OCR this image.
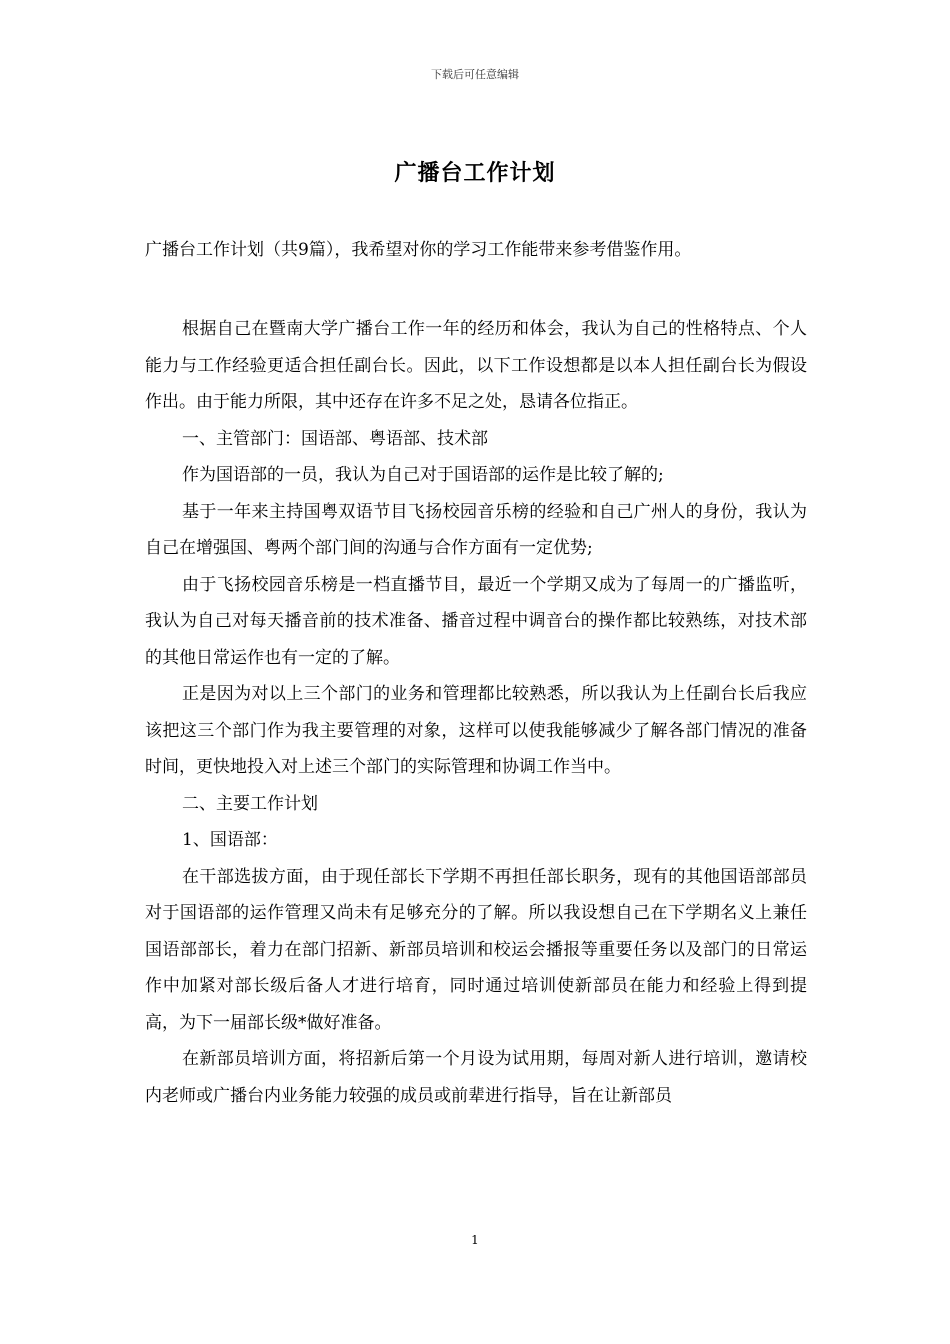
下载后可任意编辑
广播台工作计划
广播台工作计划（共9篇），我希望对你的学习工作能带来参考借鉴作用。

根据自己在暨南大学广播台工作一年的经历和体会，我认为自己的性格特点、个人能力与工作经验更适合担任副台长。因此，以下工作设想都是以本人担任副台长为假设作出。由于能力所限，其中还存在许多不足之处，恳请各位指正。

一、主管部门：国语部、粤语部、技术部

作为国语部的一员，我认为自己对于国语部的运作是比较了解的;

基于一年来主持国粤双语节目飞扬校园音乐榜的经验和自己广州人的身份，我认为自己在增强国、粤两个部门间的沟通与合作方面有一定优势;

由于飞扬校园音乐榜是一档直播节目，最近一个学期又成为了每周一的广播监听，我认为自己对每天播音前的技术准备、播音过程中调音台的操作都比较熟练，对技术部的其他日常运作也有一定的了解。

正是因为对以上三个部门的业务和管理都比较熟悉，所以我认为上任副台长后我应该把这三个部门作为我主要管理的对象，这样可以使我能够减少了解各部门情况的准备时间，更快地投入对上述三个部门的实际管理和协调工作当中。

二、主要工作计划

1、国语部：

在干部选拔方面，由于现任部长下学期不再担任部长职务，现有的其他国语部部员对于国语部的运作管理又尚未有足够充分的了解。所以我设想自己在下学期名义上兼任国语部部长，着力在部门招新、新部员培训和校运会播报等重要任务以及部门的日常运作中加紧对部长级后备人才进行培育，同时通过培训使新部员在能力和经验上得到提高，为下一届部长级*做好准备。

在新部员培训方面，将招新后第一个月设为试用期，每周对新人进行培训，邀请校内老师或广播台内业务能力较强的成员或前辈进行指导，旨在让新部员

1
